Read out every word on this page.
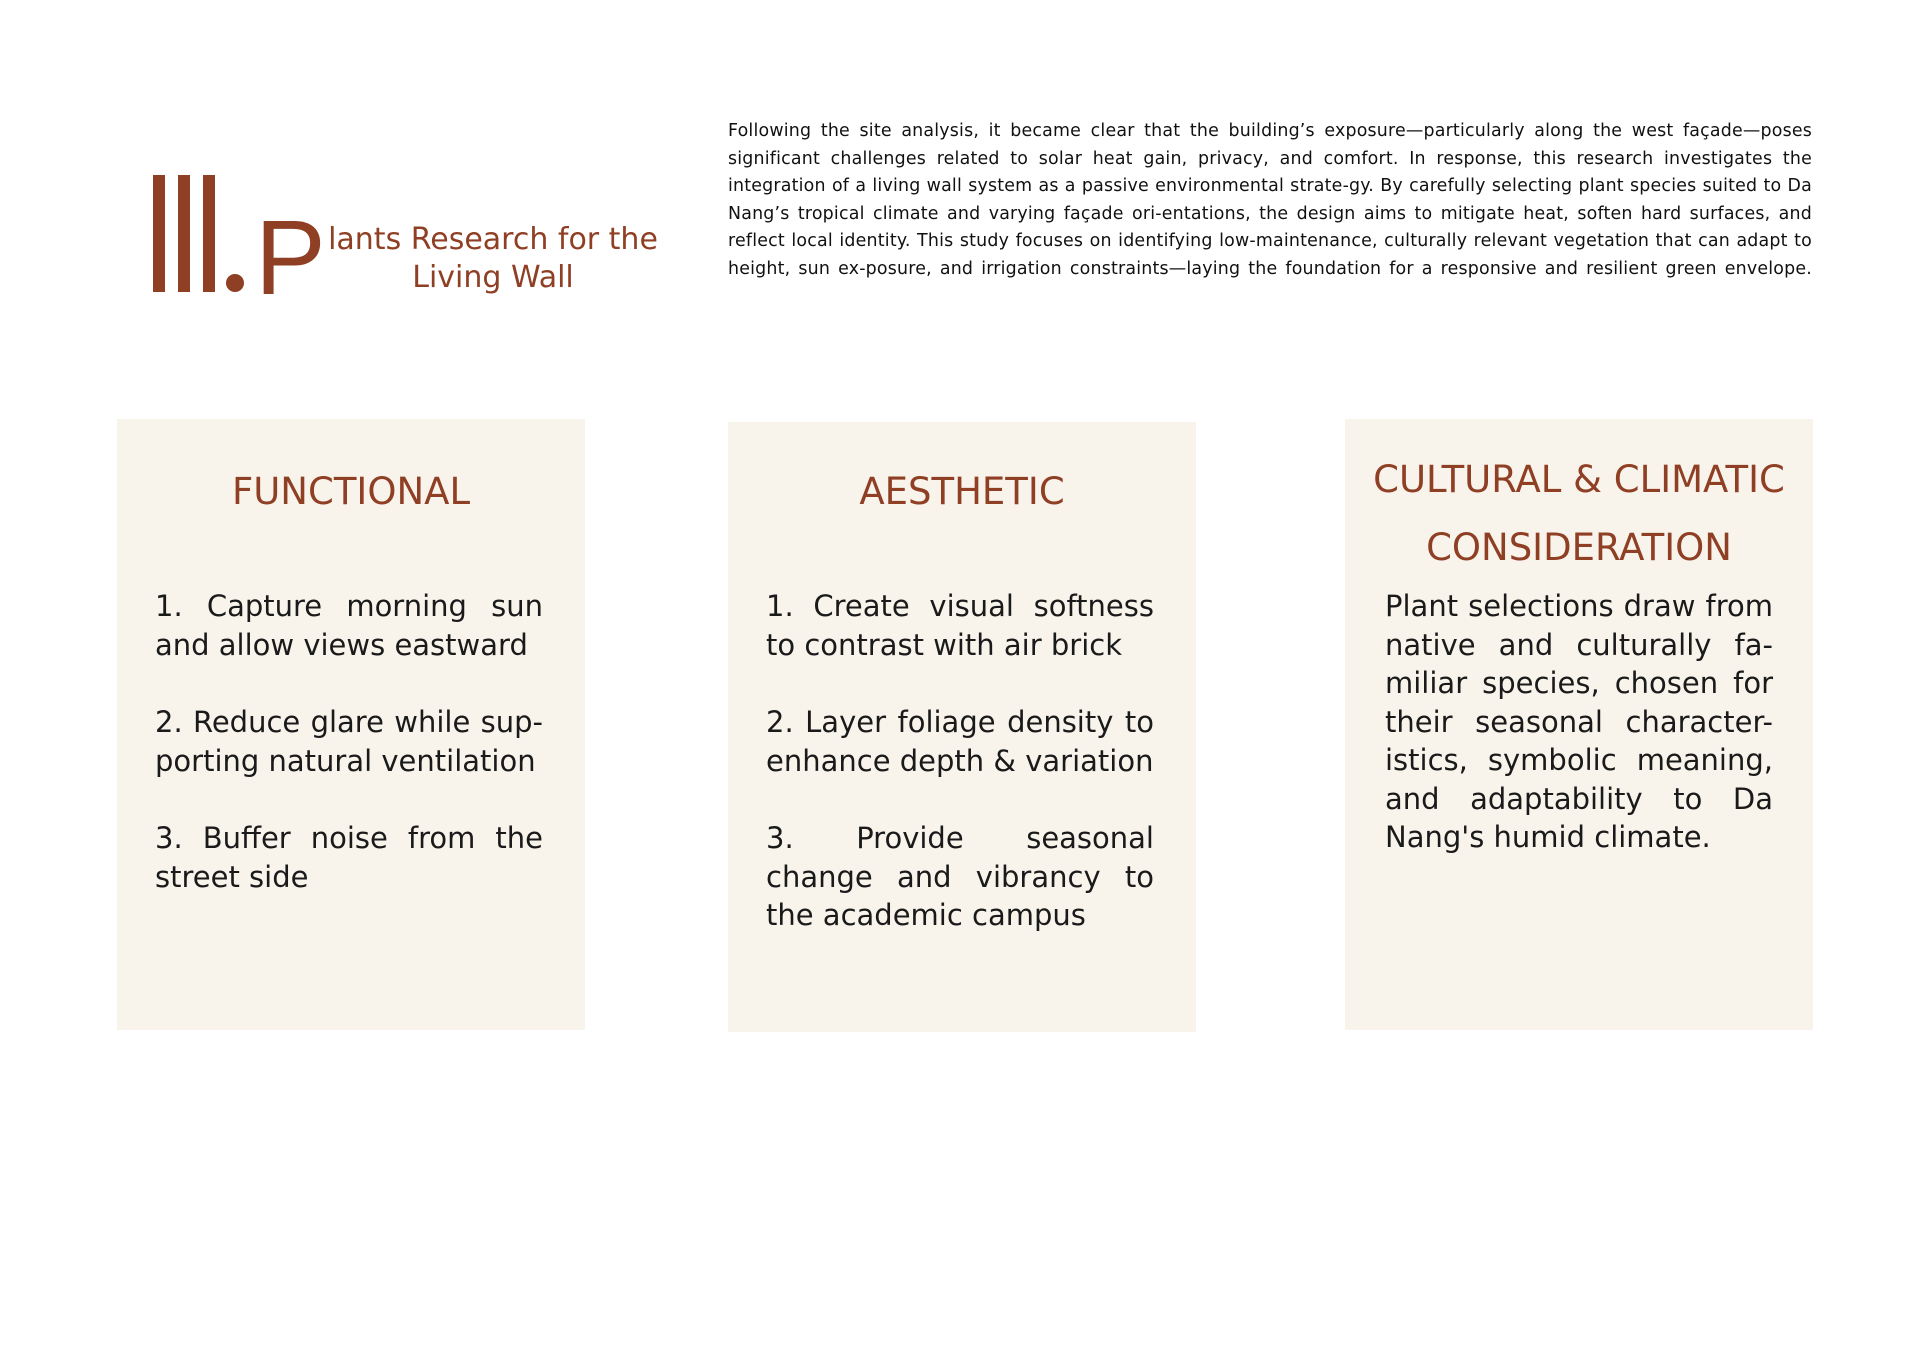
P lants Research for the
Living Wall

Following the site analysis, it became clear that the building’s exposure—particularly along the west façade—poses significant challenges related to solar heat gain, privacy, and comfort. In response, this research investigates the integration of a living wall system as a passive environmental strate-gy. By carefully selecting plant species suited to Da Nang’s tropical climate and varying façade ori-entations, the design aims to mitigate heat, soften hard surfaces, and reflect local identity. This study focuses on identifying low-maintenance, culturally relevant vegetation that can adapt to height, sun ex-posure, and irrigation constraints—laying the foundation for a responsive and resilient green envelope.

FUNCTIONAL

1. Capture morning sun and allow views eastward

2. Reduce glare while sup-porting natural ventilation

3. Buffer noise from the street side

AESTHETIC

1. Create visual softness to contrast with air brick

2. Layer foliage density to enhance depth & variation

3. Provide seasonal change and vibrancy to the academic campus

CULTURAL & CLIMATIC
CONSIDERATION

Plant selections draw from native and culturally fa-miliar species, chosen for their seasonal character-istics, symbolic meaning, and adaptability to Da Nang's humid climate.
